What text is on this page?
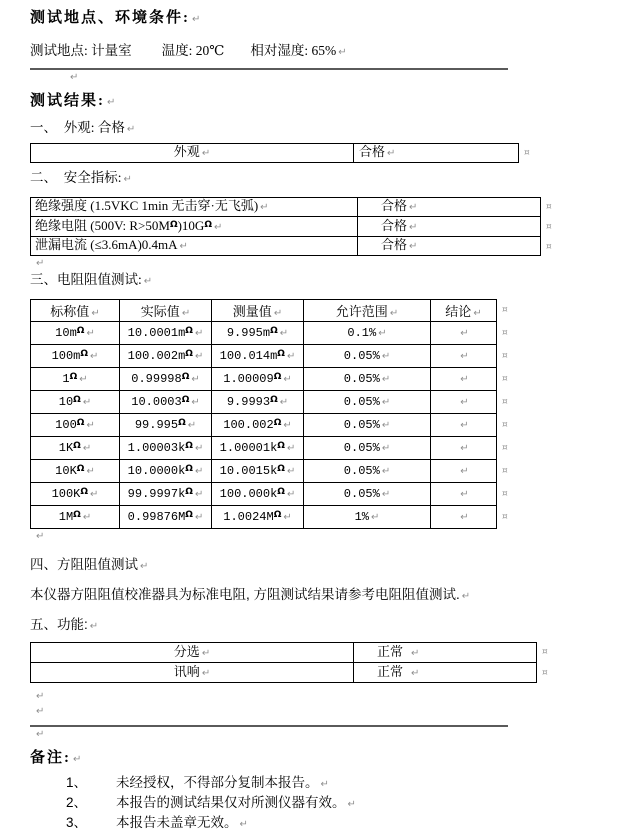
测试地点、环境条件: ↵
测试地点: 计量室 温度: 20℃ 相对湿度: 65% ↵
↵
测试结果: ↵
一、　外观: 合格 ↵
外观 ↵	合格 ↵	¤
二、　安全指标: ↵
绝缘强度 (1.5VKC 1min 无击穿·无飞弧) ↵	合格 ↵
绝缘电阻 (500V: $R>50M^\Omega)10G^\Omega$ ↵	合格 ↵
泄漏电流 (≤3.6mA)0.4mA ↵	合格 ↵
¤
¤
¤
↵
三、电阻阻值测试: ↵
标称值 ↵	实际值 ↵	测量值 ↵	允许范围 ↵	结论 ↵
$10m^\Omega$ ↵	$10.0001m^\Omega$ ↵	$9.995m^\Omega$ ↵	0.1% ↵	↵
$100m^\Omega$ ↵	$100.002m^\Omega$ ↵	$100.014m^\Omega$ ↵	0.05% ↵	↵
$1^\Omega$ ↵	$0.99998^\Omega$ ↵	$1.00009^\Omega$ ↵	0.05% ↵	↵
$10^\Omega$ ↵	$10.0003^\Omega$ ↵	$9.9993^\Omega$ ↵	0.05% ↵	↵
$100^\Omega$ ↵	$99.995^\Omega$ ↵	$100.002^\Omega$ ↵	0.05% ↵	↵
$1K^\Omega$ ↵	$1.00003k^\Omega$ ↵	$1.00001k^\Omega$ ↵	0.05% ↵	↵
$10K^\Omega$ ↵	$10.0000k^\Omega$ ↵	$10.0015k^\Omega$ ↵	0.05% ↵	↵
$100K^\Omega$ ↵	$99.9997k^\Omega$ ↵	$100.000k^\Omega$ ↵	0.05% ↵	↵
$1M^\Omega$ ↵	$0.99876M^\Omega$ ↵	$1.0024M^\Omega$ ↵	1% ↵	↵
¤
¤
¤
¤
¤
¤
¤
¤
¤
¤
↵
四、方阻阻值测试 ↵
本仪器方阻阻值校准器具为标准电阻, 方阻测试结果请参考电阻阻值测试. ↵
五、功能: ↵
分选 ↵	正常 ↵
讯响 ↵	正常 ↵
¤
¤
↵
↵
↵
备注: ↵
1、	未经授权，不得部分复制本报告。 ↵
2、	本报告的测试结果仅对所测仪器有效。 ↵
3、	本报告未盖章无效。 ↵
